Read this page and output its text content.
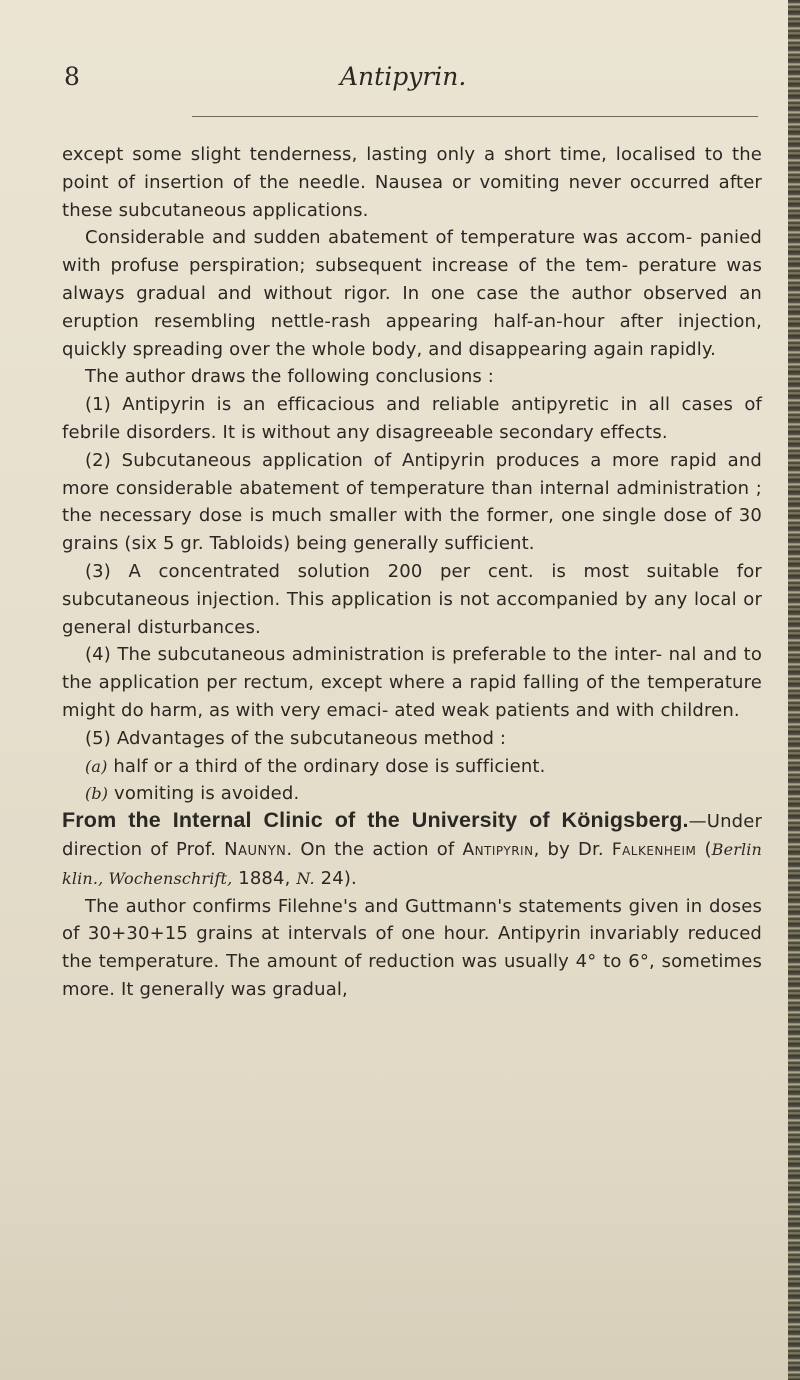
8	Antipyrin.

except some slight tenderness, lasting only a short time, localised to the point of insertion of the needle. Nausea or vomiting never occurred after these subcutaneous applications.

Considerable and sudden abatement of temperature was accom- panied with profuse perspiration; subsequent increase of the tem- perature was always gradual and without rigor. In one case the author observed an eruption resembling nettle-rash appearing half-an-hour after injection, quickly spreading over the whole body, and disappearing again rapidly.

The author draws the following conclusions :

(1) Antipyrin is an efficacious and reliable antipyretic in all cases of febrile disorders. It is without any disagreeable secondary effects.

(2) Subcutaneous application of Antipyrin produces a more rapid and more considerable abatement of temperature than internal administration ; the necessary dose is much smaller with the former, one single dose of 30 grains (six 5 gr. Tabloids) being generally sufficient.

(3) A concentrated solution 200 per cent. is most suitable for subcutaneous injection. This application is not accompanied by any local or general disturbances.

(4) The subcutaneous administration is preferable to the inter- nal and to the application per rectum, except where a rapid falling of the temperature might do harm, as with very emaci- ated weak patients and with children.

(5) Advantages of the subcutaneous method :

(a) half or a third of the ordinary dose is sufficient.

(b) vomiting is avoided.

From the Internal Clinic of the University of Königsberg.—Under direction of Prof. Naunyn. On the action of Antipyrin, by Dr. Falkenheim (Berlin klin., Wochenschrift, 1884, N. 24).

The author confirms Filehne's and Guttmann's statements given in doses of 30+30+15 grains at intervals of one hour. Antipyrin invariably reduced the temperature. The amount of reduction was usually 4° to 6°, sometimes more. It generally was gradual,
